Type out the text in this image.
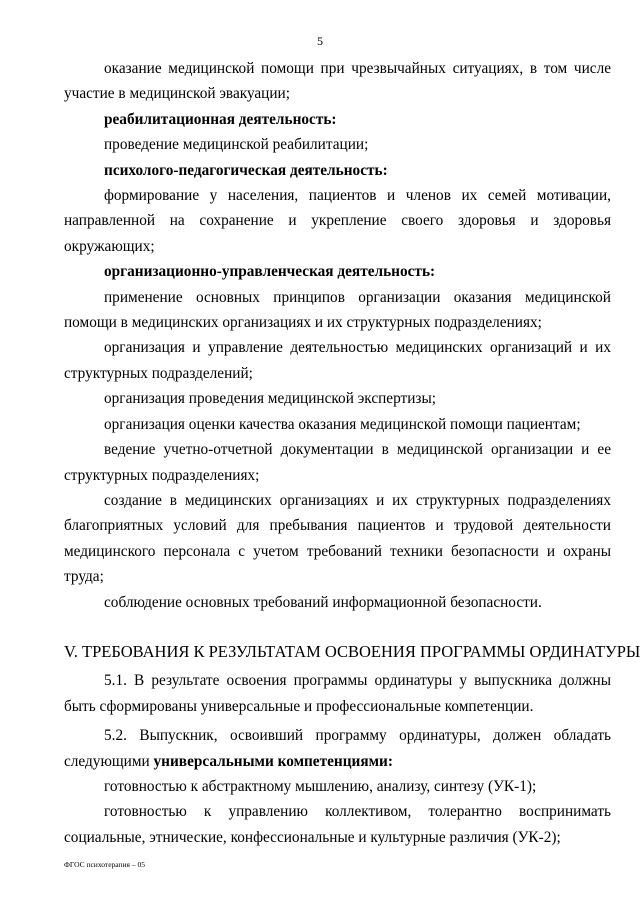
5

оказание медицинской помощи при чрезвычайных ситуациях, в том числе участие в медицинской эвакуации;

реабилитационная деятельность:

проведение медицинской реабилитации;

психолого-педагогическая деятельность:

формирование у населения, пациентов и членов их семей мотивации, направленной на сохранение и укрепление своего здоровья и здоровья окружающих;

организационно-управленческая деятельность:

применение основных принципов организации оказания медицинской помощи в медицинских организациях и их структурных подразделениях;

организация и управление деятельностью медицинских организаций и их структурных подразделений;

организация проведения медицинской экспертизы;

организация оценки качества оказания медицинской помощи пациентам;

ведение учетно-отчетной документации в медицинской организации и ее структурных подразделениях;

создание в медицинских организациях и их структурных подразделениях благоприятных условий для пребывания пациентов и трудовой деятельности медицинского персонала с учетом требований техники безопасности и охраны труда;

соблюдение основных требований информационной безопасности.

V. ТРЕБОВАНИЯ К РЕЗУЛЬТАТАМ ОСВОЕНИЯ ПРОГРАММЫ ОРДИНАТУРЫ

5.1. В результате освоения программы ординатуры у выпускника должны быть сформированы универсальные и профессиональные компетенции.

5.2. Выпускник, освоивший программу ординатуры, должен обладать следующими универсальными компетенциями:

готовностью к абстрактному мышлению, анализу, синтезу (УК-1);

готовностью к управлению коллективом, толерантно воспринимать социальные, этнические, конфессиональные и культурные различия (УК-2);

ФГОС психотерапия – 05
